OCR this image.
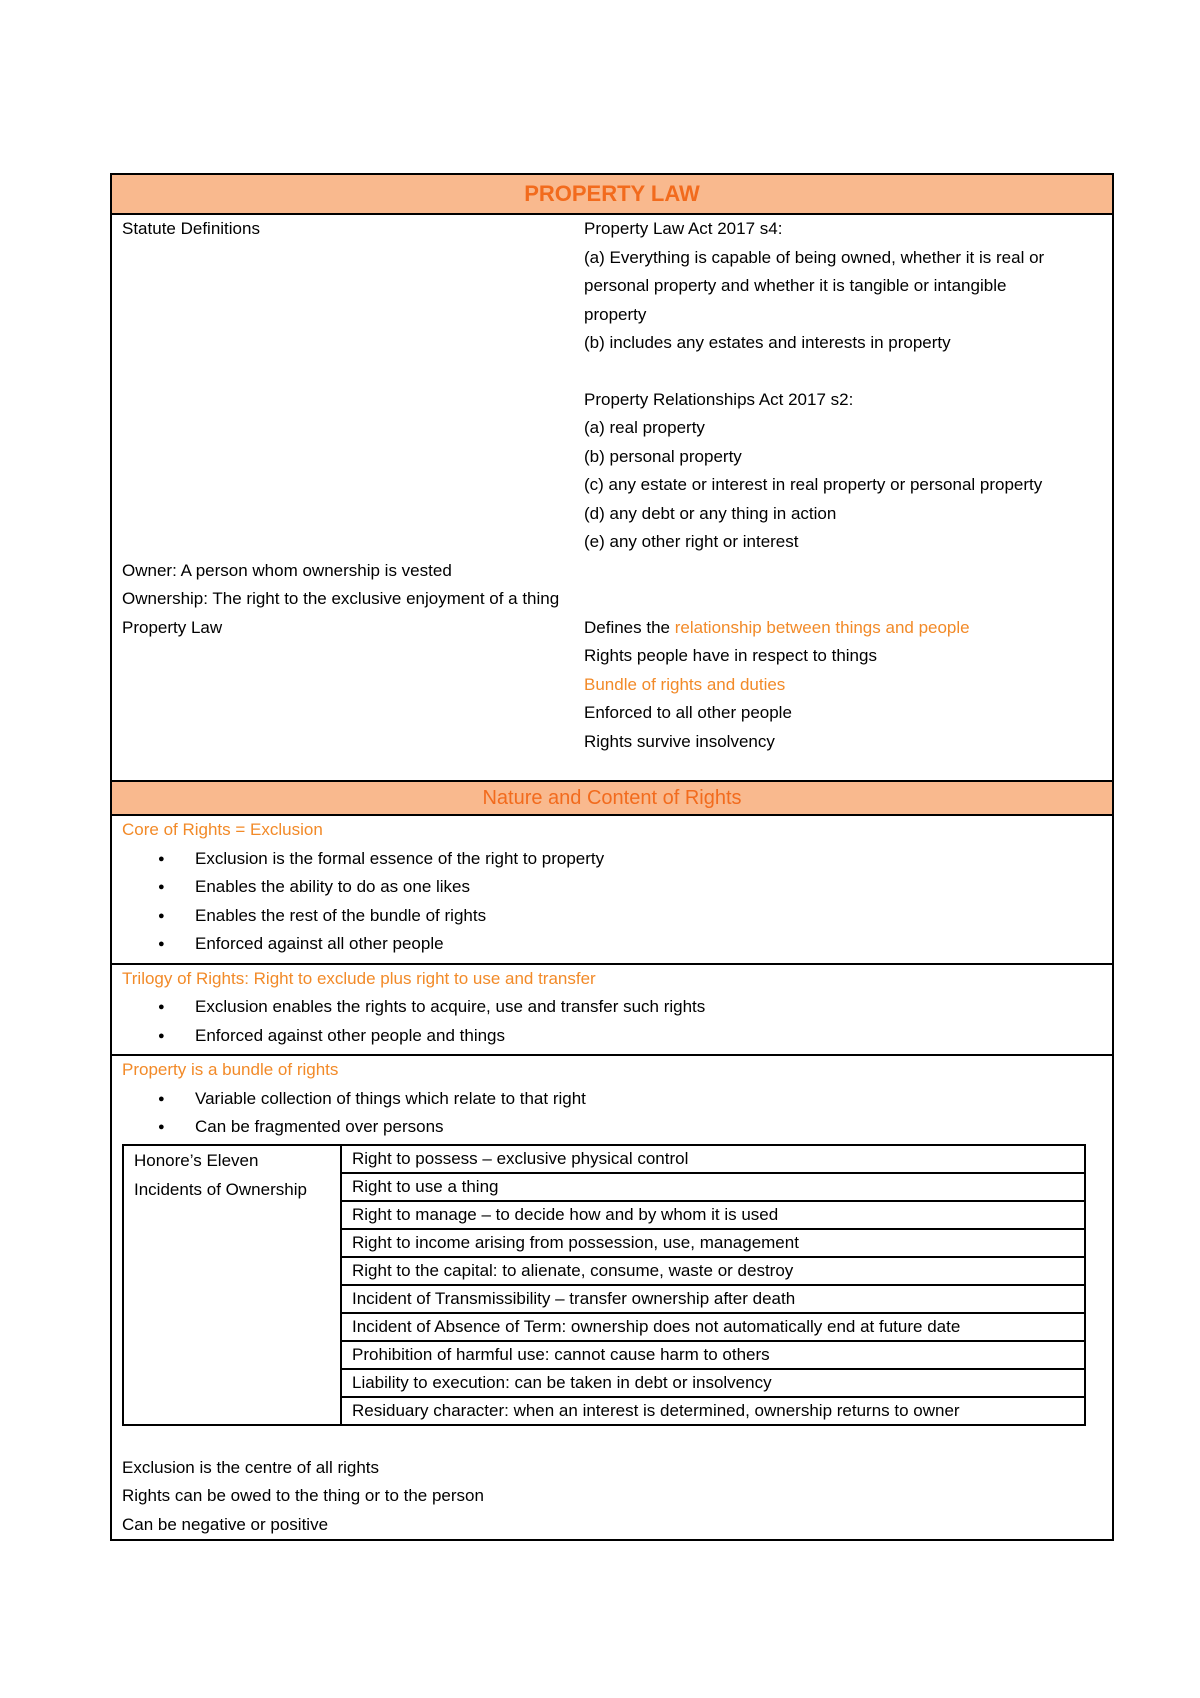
PROPERTY LAW
Statute Definitions	Property Law Act 2017 s4:
(a) Everything is capable of being owned, whether it is real or
personal property and whether it is tangible or intangible
property
(b) includes any estates and interests in property
Property Relationships Act 2017 s2:
(a) real property
(b) personal property
(c) any estate or interest in real property or personal property
(d) any debt or any thing in action
(e) any other right or interest
Owner: A person whom ownership is vested
Ownership: The right to the exclusive enjoyment of a thing
Property Law	Defines the relationship between things and people
Rights people have in respect to things
Bundle of rights and duties
Enforced to all other people
Rights survive insolvency
Nature and Content of Rights
Core of Rights = Exclusion
● Exclusion is the formal essence of the right to property
● Enables the ability to do as one likes
● Enables the rest of the bundle of rights
● Enforced against all other people
Trilogy of Rights: Right to exclude plus right to use and transfer
● Exclusion enables the rights to acquire, use and transfer such rights
● Enforced against other people and things
Property is a bundle of rights
● Variable collection of things which relate to that right
● Can be fragmented over persons
Honore’s Eleven
Incidents of Ownership
	Right to possess – exclusive physical control
Right to use a thing
Right to manage – to decide how and by whom it is used
Right to income arising from possession, use, management
Right to the capital: to alienate, consume, waste or destroy
Incident of Transmissibility – transfer ownership after death
Incident of Absence of Term: ownership does not automatically end at future date
Prohibition of harmful use: cannot cause harm to others
Liability to execution: can be taken in debt or insolvency
Residuary character: when an interest is determined, ownership returns to owner
Exclusion is the centre of all rights
Rights can be owed to the thing or to the person
Can be negative or positive
